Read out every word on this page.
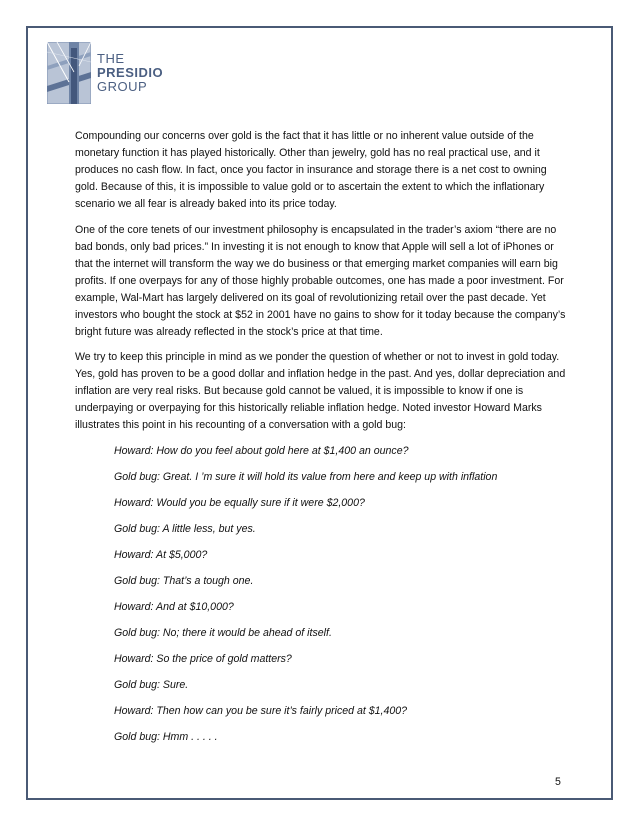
THE
PRESIDIO
GROUP

Compounding our concerns over gold is the fact that it has little or no inherent value outside of the monetary function it has played historically. Other than jewelry, gold has no real practical use, and it produces no cash flow. In fact, once you factor in insurance and storage there is a net cost to owning gold. Because of this, it is impossible to value gold or to ascertain the extent to which the inflationary scenario we all fear is already baked into its price today.

One of the core tenets of our investment philosophy is encapsulated in the trader’s axiom “there are no bad bonds, only bad prices.” In investing it is not enough to know that Apple will sell a lot of iPhones or that the internet will transform the way we do business or that emerging market companies will earn big profits. If one overpays for any of those highly probable outcomes, one has made a poor investment. For example, Wal-Mart has largely delivered on its goal of revolutionizing retail over the past decade. Yet investors who bought the stock at $52 in 2001 have no gains to show for it today because the company’s bright future was already reflected in the stock’s price at that time.

We try to keep this principle in mind as we ponder the question of whether or not to invest in gold today. Yes, gold has proven to be a good dollar and inflation hedge in the past. And yes, dollar depreciation and inflation are very real risks. But because gold cannot be valued, it is impossible to know if one is underpaying or overpaying for this historically reliable inflation hedge. Noted investor Howard Marks illustrates this point in his recounting of a conversation with a gold bug:

Howard: How do you feel about gold here at $1,400 an ounce?
Gold bug: Great. I ’m sure it will hold its value from here and keep up with inflation
Howard: Would you be equally sure if it were $2,000?
Gold bug: A little less, but yes.
Howard: At $5,000?
Gold bug: That’s a tough one.
Howard: And at $10,000?
Gold bug: No; there it would be ahead of itself.
Howard: So the price of gold matters?
Gold bug: Sure.
Howard: Then how can you be sure it’s fairly priced at $1,400?
Gold bug: Hmm . . . . .
5
